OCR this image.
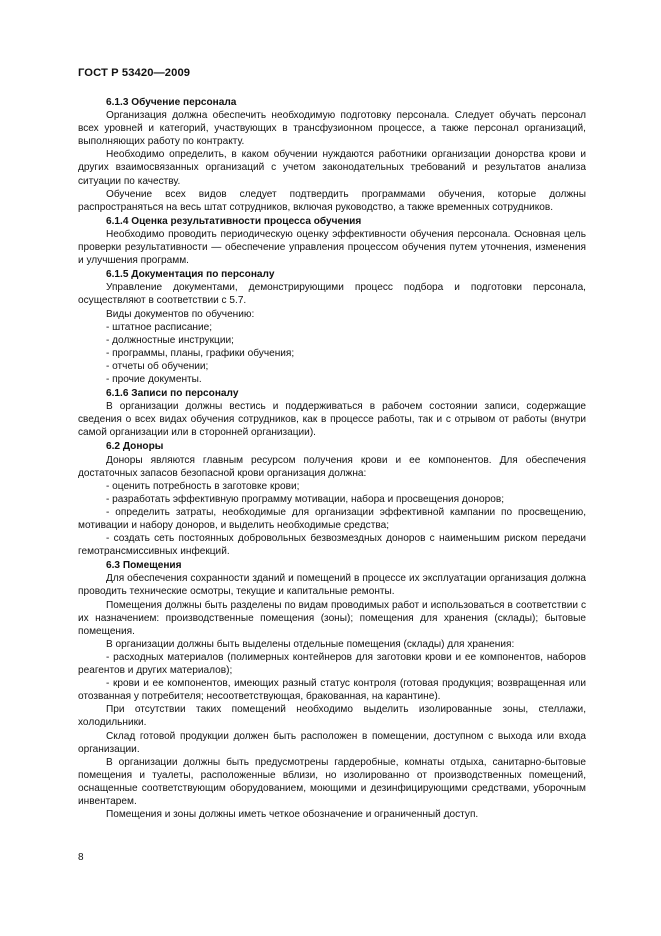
ГОСТ Р 53420—2009

6.1.3 Обучение персонала

Организация должна обеспечить необходимую подготовку персонала. Следует обучать персонал всех уровней и категорий, участвующих в трансфузионном процессе, а также персонал организаций, выполняющих работу по контракту.

Необходимо определить, в каком обучении нуждаются работники организации донорства крови и других взаимосвязанных организаций с учетом законодательных требований и результатов анализа ситуации по качеству.

Обучение всех видов следует подтвердить программами обучения, которые должны распространяться на весь штат сотрудников, включая руководство, а также временных сотрудников.

6.1.4 Оценка результативности процесса обучения

Необходимо проводить периодическую оценку эффективности обучения персонала. Основная цель проверки результативности — обеспечение управления процессом обучения путем уточнения, изменения и улучшения программ.

6.1.5 Документация по персоналу

Управление документами, демонстрирующими процесс подбора и подготовки персонала, осуществляют в соответствии с 5.7.

Виды документов по обучению:

- штатное расписание;

- должностные инструкции;

- программы, планы, графики обучения;

- отчеты об обучении;

- прочие документы.

6.1.6 Записи по персоналу

В организации должны вестись и поддерживаться в рабочем состоянии записи, содержащие сведения о всех видах обучения сотрудников, как в процессе работы, так и с отрывом от работы (внутри самой организации или в сторонней организации).

6.2 Доноры

Доноры являются главным ресурсом получения крови и ее компонентов. Для обеспечения достаточных запасов безопасной крови организация должна:

- оценить потребность в заготовке крови;

- разработать эффективную программу мотивации, набора и просвещения доноров;

- определить затраты, необходимые для организации эффективной кампании по просвещению, мотивации и набору доноров, и выделить необходимые средства;

- создать сеть постоянных добровольных безвозмездных доноров с наименьшим риском передачи гемотрансмиссивных инфекций.

6.3 Помещения

Для обеспечения сохранности зданий и помещений в процессе их эксплуатации организация должна проводить технические осмотры, текущие и капитальные ремонты.

Помещения должны быть разделены по видам проводимых работ и использоваться в соответствии с их назначением: производственные помещения (зоны); помещения для хранения (склады); бытовые помещения.

В организации должны быть выделены отдельные помещения (склады) для хранения:

- расходных материалов (полимерных контейнеров для заготовки крови и ее компонентов, наборов реагентов и других материалов);

- крови и ее компонентов, имеющих разный статус контроля (готовая продукция; возвращенная или отозванная у потребителя; несоответствующая, бракованная, на карантине).

При отсутствии таких помещений необходимо выделить изолированные зоны, стеллажи, холодильники.

Склад готовой продукции должен быть расположен в помещении, доступном с выхода или входа организации.

В организации должны быть предусмотрены гардеробные, комнаты отдыха, санитарно-бытовые помещения и туалеты, расположенные вблизи, но изолированно от производственных помещений, оснащенные соответствующим оборудованием, моющими и дезинфицирующими средствами, уборочным инвентарем.

Помещения и зоны должны иметь четкое обозначение и ограниченный доступ.

8
